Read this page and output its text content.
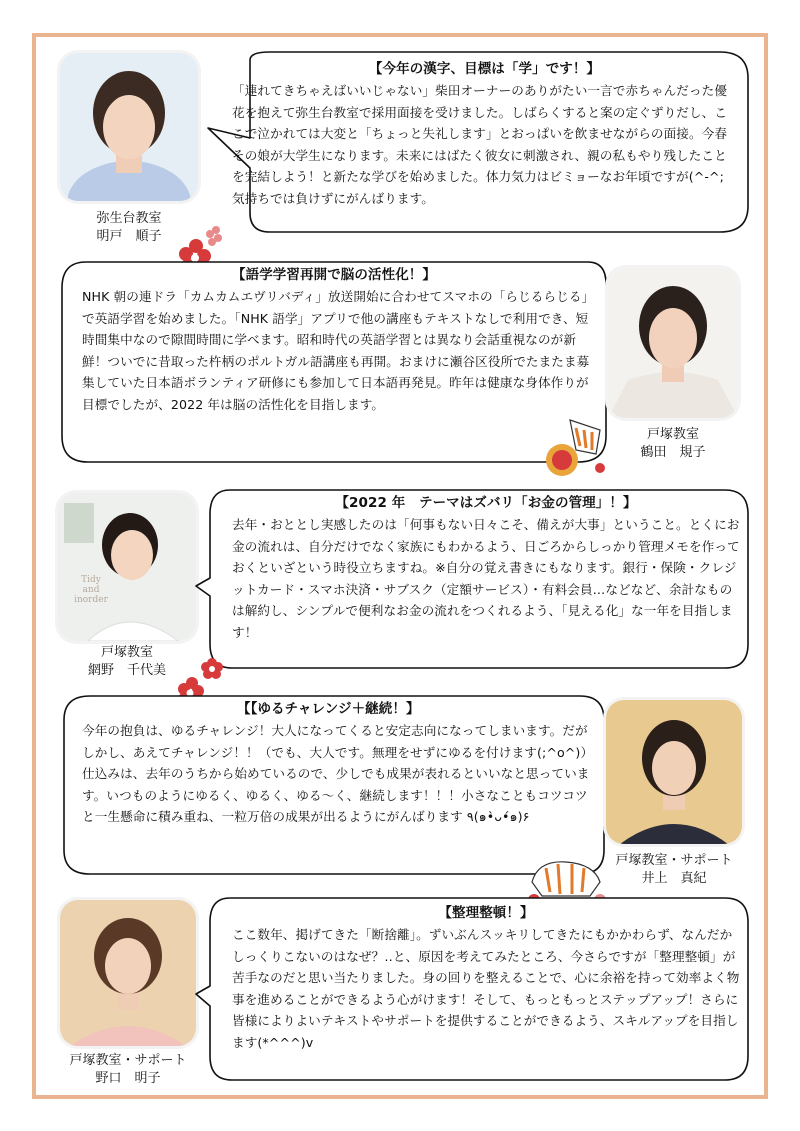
弥生台教室
明戸　順子
【今年の漢字、目標は「学」です！】
「連れてきちゃえばいいじゃない」柴田オーナーのありがたい一言で赤ちゃんだった優花を抱えて弥生台教室で採用面接を受けました。しばらくすると案の定ぐずりだし、ここで泣かれては大変と「ちょっと失礼します」とおっぱいを飲ませながらの面接。今春その娘が大学生になります。未来にはばたく彼女に刺激され、親の私もやり残したことを完結しよう！と新たな学びを始めました。体力気力はビミョーなお年頃ですが(^-^; 気持ちでは負けずにがんばります。
【語学学習再開で脳の活性化！】
NHK 朝の連ドラ「カムカムエヴリバディ」放送開始に合わせてスマホの「らじるらじる」で英語学習を始めました。「NHK 語学」アプリで他の講座もテキストなしで利用でき、短時間集中なので隙間時間に学べます。昭和時代の英語学習とは異なり会話重視なのが新鮮！ついでに昔取った杵柄のポルトガル語講座も再開。おまけに瀬谷区役所でたまたま募集していた日本語ボランティア研修にも参加して日本語再発見。昨年は健康な身体作りが目標でしたが、2022 年は脳の活性化を目指します。
戸塚教室
鶴田　規子
Tidy
and
inorder
戸塚教室
網野　千代美
【2022 年　テーマはズバリ「お金の管理」！】
去年・おととし実感したのは「何事もない日々こそ、備えが大事」ということ。とくにお金の流れは、自分だけでなく家族にもわかるよう、日ごろからしっかり管理メモを作っておくといざという時役立ちますね。※自分の覚え書きにもなります。銀行・保険・クレジットカード・スマホ決済・サブスク（定額サービス）・有料会員…などなど、余計なものは解約し、シンプルで便利なお金の流れをつくれるよう、「見える化」な一年を目指します！
【【ゆるチャレンジ＋継続！】
今年の抱負は、ゆるチャレンジ！大人になってくると安定志向になってしまいます。だがしかし、あえてチャレンジ！！（でも、大人です。無理をせずにゆるを付けます(;^o^)）仕込みは、去年のうちから始めているので、少しでも成果が表れるといいなと思っています。いつものようにゆるく、ゆるく、ゆる〜く、継続します！！！小さなこともコツコツと一生懸命に積み重ね、一粒万倍の成果が出るようにがんばります ٩(๑•̀ᴗ•́๑)۶
戸塚教室・サポート
井上　真紀
戸塚教室・サポート
野口　明子
【整理整頓！】
ここ数年、掲げてきた「断捨離」。ずいぶんスッキリしてきたにもかかわらず、なんだかしっくりこないのはなぜ？‥と、原因を考えてみたところ、今さらですが「整理整頓」が苦手なのだと思い当たりました。身の回りを整えることで、心に余裕を持って効率よく物事を進めることができるよう心がけます！そして、もっともっとステップアップ！さらに皆様によりよいテキストやサポートを提供することができるよう、スキルアップを目指します(*^^^)v
